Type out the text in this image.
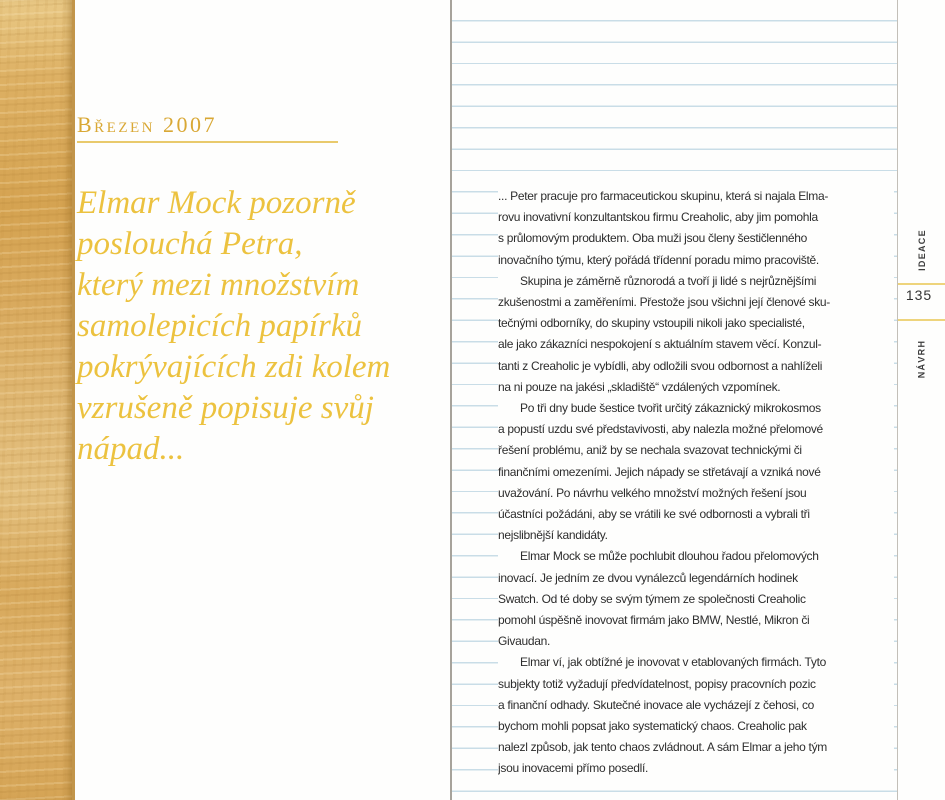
Březen 2007
Elmar Mock pozorně
poslouchá Petra,
který mezi množstvím
samolepicích papírků
pokrývajících zdi kolem
vzrušeně popisuje svůj
nápad...
... Peter pracuje pro farmaceutickou skupinu, která si najala Elma-
rovu inovativní konzultantskou firmu Creaholic, aby jim pomohla
s průlomovým produktem. Oba muži jsou členy šestičlenného
inovačního týmu, který pořádá třídenní poradu mimo pracoviště.
Skupina je záměrně různorodá a tvoří ji lidé s nejrůznějšími
zkušenostmi a zaměřeními. Přestože jsou všichni její členové sku-
tečnými odborníky, do skupiny vstoupili nikoli jako specialisté,
ale jako zákazníci nespokojení s aktuálním stavem věcí. Konzul-
tanti z Creaholic je vybídli, aby odložili svou odbornost a nahlíželi
na ni pouze na jakési „skladiště“ vzdálených vzpomínek.
Po tři dny bude šestice tvořit určitý zákaznický mikrokosmos
a popustí uzdu své představivosti, aby nalezla možné přelomové
řešení problému, aniž by se nechala svazovat technickými či
finančními omezeními. Jejich nápady se střetávají a vzniká nové
uvažování. Po návrhu velkého množství možných řešení jsou
účastníci požádáni, aby se vrátili ke své odbornosti a vybrali tři
nejslibnější kandidáty.
Elmar Mock se může pochlubit dlouhou řadou přelomových
inovací. Je jedním ze dvou vynálezců legendárních hodinek
Swatch. Od té doby se svým týmem ze společnosti Creaholic
pomohl úspěšně inovovat firmám jako BMW, Nestlé, Mikron či
Givaudan.
Elmar ví, jak obtížné je inovovat v etablovaných firmách. Tyto
subjekty totiž vyžadují předvídatelnost, popisy pracovních pozic
a finanční odhady. Skutečné inovace ale vycházejí z čehosi, co
bychom mohli popsat jako systematický chaos. Creaholic pak
nalezl způsob, jak tento chaos zvládnout. A sám Elmar a jeho tým
jsou inovacemi přímo posedlí.
IDEACE
135
NÁVRH
